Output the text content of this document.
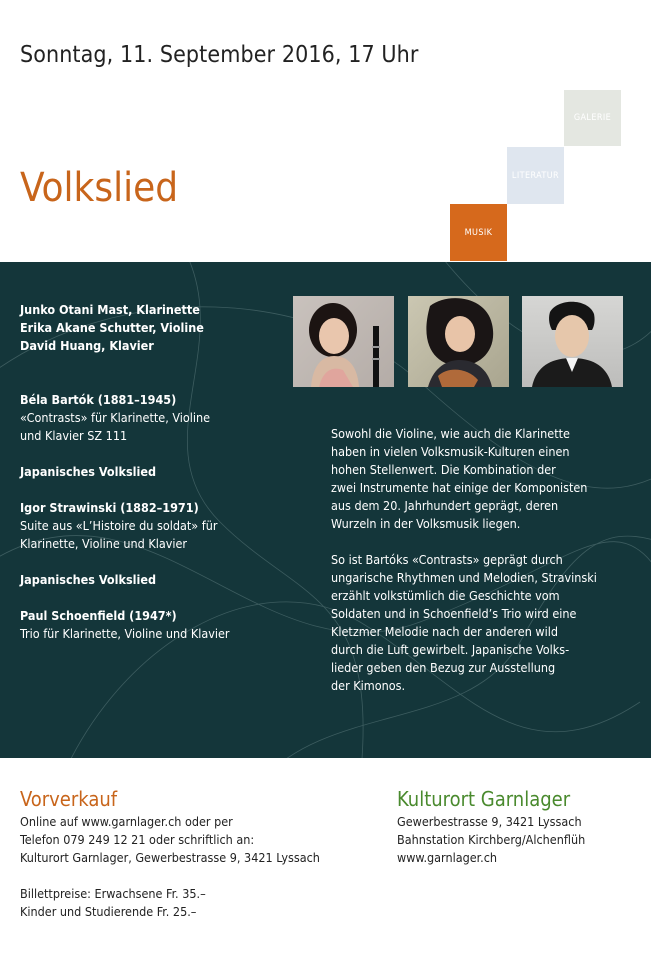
Sonntag, 11. September 2016, 17 Uhr
Volkslied
GALERIE
LITERATUR
MUSIK
Junko Otani Mast, Klarinette
Erika Akane Schutter, Violine
David Huang, Klavier
Béla Bartók (1881–1945)
«Contrasts» für Klarinette, Violine
und Klavier SZ 111
Japanisches Volkslied
Igor Strawinski (1882–1971)
Suite aus «L’Histoire du soldat» für
Klarinette, Violine und Klavier
Japanisches Volkslied
Paul Schoenfield (1947*)
Trio für Klarinette, Violine und Klavier
Sowohl die Violine, wie auch die Klarinette
haben in vielen Volksmusik-Kulturen einen
hohen Stellenwert. Die Kombination der
zwei Instrumente hat einige der Komponisten
aus dem 20. Jahrhundert geprägt, deren
Wurzeln in der Volksmusik liegen.
So ist Bartóks «Contrasts» geprägt durch
ungarische Rhythmen und Melodien, Stravinski
erzählt volkstümlich die Geschichte vom
Soldaten und in Schoenfield’s Trio wird eine
Kletzmer Melodie nach der anderen wild
durch die Luft gewirbelt. Japanische Volks-
lieder geben den Bezug zur Ausstellung
der Kimonos.
Vorverkauf
Online auf www.garnlager.ch oder per
Telefon 079 249 12 21 oder schriftlich an:
Kulturort Garnlager, Gewerbestrasse 9, 3421 Lyssach
Billettpreise: Erwachsene Fr. 35.–
Kinder und Studierende Fr. 25.–
Kulturort Garnlager
Gewerbestrasse 9, 3421 Lyssach
Bahnstation Kirchberg/Alchenflüh
www.garnlager.ch
